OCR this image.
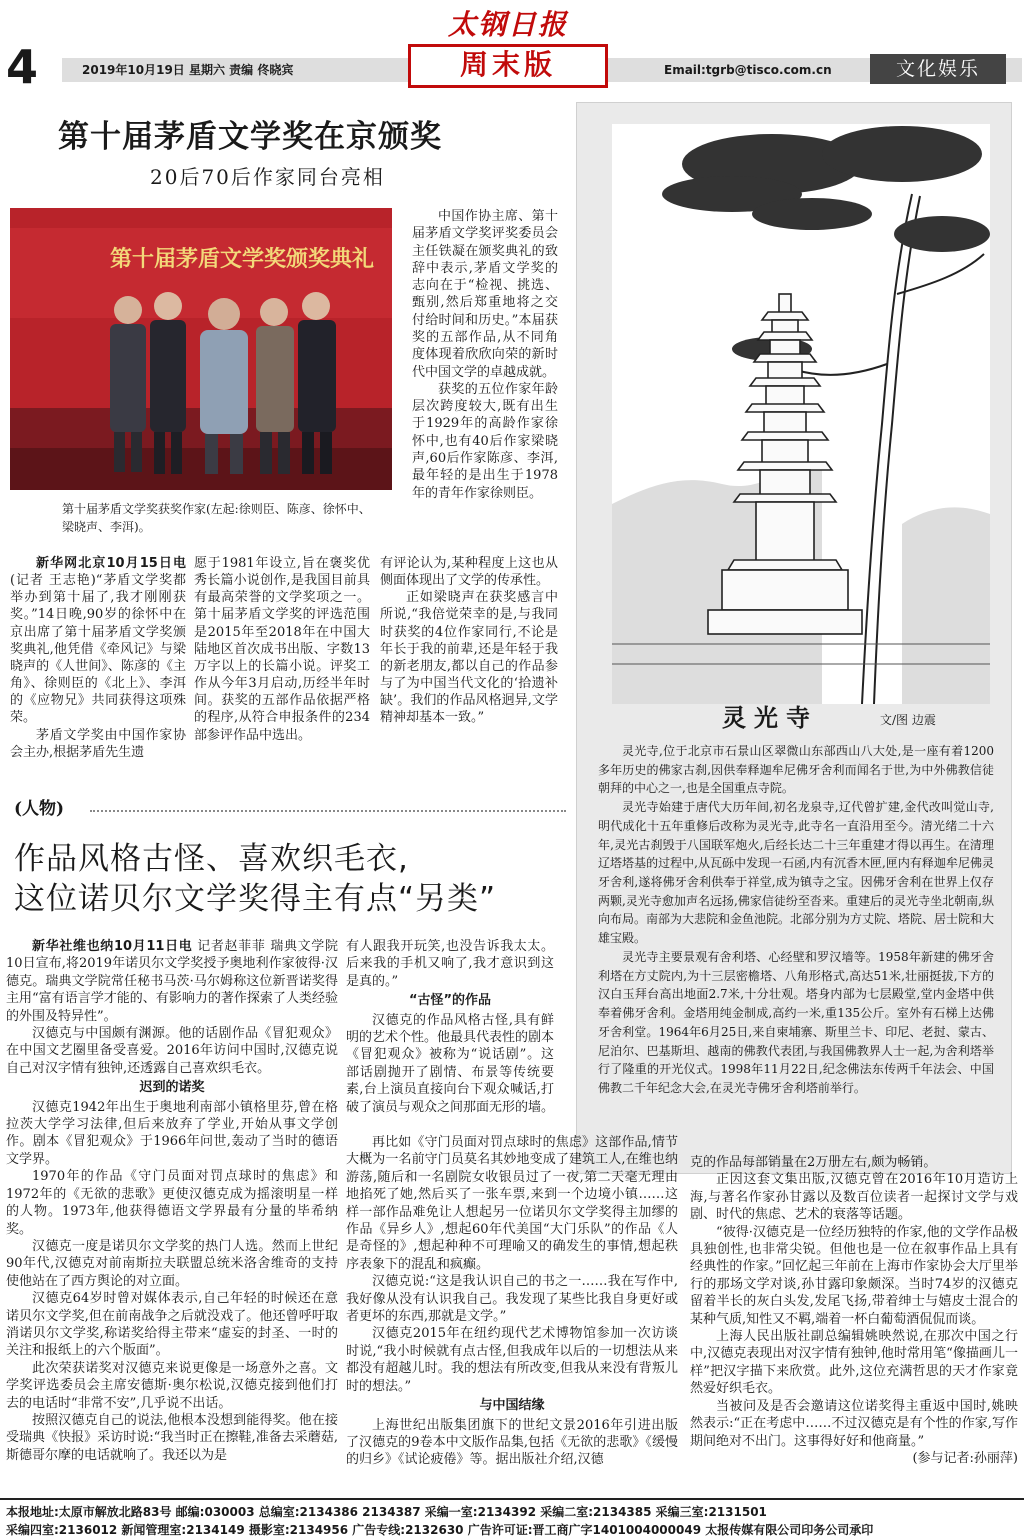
4	2019年10月19日 星期六 责编 佟晓宾
太钢日报
周末版	Email:tgrb@tisco.com.cn	文化娱乐
第十届茅盾文学奖在京颁奖
20后70后作家同台亮相
第十届茅盾文学奖颁奖典礼
第十届茅盾文学奖获奖作家(左起:徐则臣、陈彦、徐怀中、梁晓声、李洱)。

中国作协主席、第十届茅盾文学奖评奖委员会主任铁凝在颁奖典礼的致辞中表示,茅盾文学奖的志向在于“检视、挑选、甄别,然后郑重地将之交付给时间和历史。”本届获奖的五部作品,从不同角度体现着欣欣向荣的新时代中国文学的卓越成就。

获奖的五位作家年龄层次跨度较大,既有出生于1929年的高龄作家徐怀中,也有40后作家梁晓声,60后作家陈彦、李洱,最年轻的是出生于1978年的青年作家徐则臣。

新华网北京10月15日电(记者 王志艳)“茅盾文学奖都举办到第十届了,我才刚刚获奖。”14日晚,90岁的徐怀中在京出席了第十届茅盾文学奖颁奖典礼,他凭借《牵风记》与梁晓声的《人世间》、陈彦的《主角》、徐则臣的《北上》、李洱的《应物兄》共同获得这项殊荣。

茅盾文学奖由中国作家协会主办,根据茅盾先生遗

愿于1981年设立,旨在褒奖优秀长篇小说创作,是我国目前具有最高荣誉的文学奖项之一。第十届茅盾文学奖的评选范围是2015年至2018年在中国大陆地区首次成书出版、字数13万字以上的长篇小说。评奖工作从今年3月启动,历经半年时间。获奖的五部作品依据严格的程序,从符合申报条件的234部参评作品中选出。

有评论认为,某种程度上这也从侧面体现出了文学的传承性。

正如梁晓声在获奖感言中所说,“我倍觉荣幸的是,与我同时获奖的4位作家同行,不论是年长于我的前辈,还是年轻于我的新老朋友,都以自己的作品参与了为中国当代文化的‘拾遗补缺’。我们的作品风格迥异,文学精神却基本一致。”	灵光寺	文/图 边震

灵光寺,位于北京市石景山区翠微山东部西山八大处,是一座有着1200多年历史的佛家古刹,因供奉释迦牟尼佛牙舍利而闻名于世,为中外佛教信徒朝拜的中心之一,也是全国重点寺院。

灵光寺始建于唐代大历年间,初名龙泉寺,辽代曾扩建,金代改叫觉山寺,明代成化十五年重修后改称为灵光寺,此寺名一直沿用至今。清光绪二十六年,灵光古刹毁于八国联军炮火,后经长达二十三年重建才得以再生。在清理辽塔塔基的过程中,从瓦砾中发现一石函,内有沉香木匣,匣内有释迦牟尼佛灵牙舍利,遂将佛牙舍利供奉于祥堂,成为镇寺之宝。因佛牙舍利在世界上仅存两颗,灵光寺愈加声名远扬,佛家信徒纷至沓来。重建后的灵光寺坐北朝南,纵向布局。南部为大悲院和金鱼池院。北部分别为方丈院、塔院、居士院和大雄宝殿。

灵光寺主要景观有舍利塔、心经壁和罗汉墙等。1958年新建的佛牙舍利塔在方丈院内,为十三层密檐塔、八角形格式,高达51米,壮丽挺拔,下方的汉白玉拜台高出地面2.7米,十分壮观。塔身内部为七层殿堂,堂内金塔中供奉着佛牙舍利。金塔用纯金制成,高约一米,重135公斤。室外有石梯上达佛牙舍利堂。1964年6月25日,来自柬埔寨、斯里兰卡、印尼、老挝、蒙古、尼泊尔、巴基斯坦、越南的佛教代表团,与我国佛教界人士一起,为舍利塔举行了隆重的开光仪式。1998年11月22日,纪念佛法东传两千年法会、中国佛教二千年纪念大会,在灵光寺佛牙舍利塔前举行。

(人物)
作品风格古怪、喜欢织毛衣,
这位诺贝尔文学奖得主有点“另类”

新华社维也纳10月11日电 记者赵菲菲 瑞典文学院10日宣布,将2019年诺贝尔文学奖授予奥地利作家彼得·汉德克。瑞典文学院常任秘书马茨·马尔姆称这位新晋诺奖得主用“富有语言学才能的、有影响力的著作探索了人类经验的外围及特异性”。

汉德克与中国颇有渊源。他的话剧作品《冒犯观众》在中国文艺圈里备受喜爱。2016年访问中国时,汉德克说自己对汉字情有独钟,还透露自己喜欢织毛衣。

迟到的诺奖

汉德克1942年出生于奥地利南部小镇格里芬,曾在格拉茨大学学习法律,但后来放弃了学业,开始从事文学创作。剧本《冒犯观众》于1966年问世,轰动了当时的德语文学界。

1970年的作品《守门员面对罚点球时的焦虑》和1972年的《无欲的悲歌》更使汉德克成为摇滚明星一样的人物。1973年,他获得德语文学界最有分量的毕希纳奖。

汉德克一度是诺贝尔文学奖的热门人选。然而上世纪90年代,汉德克对前南斯拉夫联盟总统米洛舍维奇的支持使他站在了西方舆论的对立面。

汉德克64岁时曾对媒体表示,自己年轻的时候还在意诺贝尔文学奖,但在前南战争之后就没戏了。他还曾呼吁取消诺贝尔文学奖,称诺奖给得主带来“虚妄的封圣、一时的关注和报纸上的六个版面”。

此次荣获诺奖对汉德克来说更像是一场意外之喜。文学奖评选委员会主席安德斯·奥尔松说,汉德克接到他们打去的电话时“非常不安”,几乎说不出话。

按照汉德克自己的说法,他根本没想到能得奖。他在接受瑞典《快报》采访时说:“我当时正在擦鞋,准备去采蘑菇,斯德哥尔摩的电话就响了。我还以为是

有人跟我开玩笑,也没告诉我太太。后来我的手机又响了,我才意识到这是真的。”

“古怪”的作品

汉德克的作品风格古怪,具有鲜明的艺术个性。他最具代表性的剧本《冒犯观众》被称为“说话剧”。这部话剧抛开了剧情、布景等传统要素,台上演员直接向台下观众喊话,打破了演员与观众之间那面无形的墙。

再比如《守门员面对罚点球时的焦虑》这部作品,情节大概为一名前守门员莫名其妙地变成了建筑工人,在维也纳游荡,随后和一名剧院女收银员过了一夜,第二天毫无理由地掐死了她,然后买了一张车票,来到一个边境小镇……这样一部作品难免让人想起另一位诺贝尔文学奖得主加缪的作品《异乡人》,想起60年代美国“大门乐队”的作品《人是奇怪的》,想起种种不可理喻又的确发生的事情,想起秩序表象下的混乱和疯癫。

汉德克说:“这是我认识自己的书之一……我在写作中,我好像从没有认识我自己。我发现了某些比我自身更好或者更坏的东西,那就是文学。”

汉德克2015年在纽约现代艺术博物馆参加一次访谈时说,“我小时候就有点古怪,但我成年以后的一切想法从来都没有超越儿时。我的想法有所改变,但我从来没有背叛儿时的想法。”

与中国结缘

上海世纪出版集团旗下的世纪文景2016年引进出版了汉德克的9卷本中文版作品集,包括《无欲的悲歌》《缓慢的归乡》《试论疲倦》等。据出版社介绍,汉德

克的作品每部销量在2万册左右,颇为畅销。

正因这套文集出版,汉德克曾在2016年10月造访上海,与著名作家孙甘露以及数百位读者一起探讨文学与戏剧、时代的焦虑、艺术的衰落等话题。

“彼得·汉德克是一位经历独特的作家,他的文学作品极具独创性,也非常尖锐。但他也是一位在叙事作品上具有经典性的作家。”回忆起三年前在上海市作家协会大厅里举行的那场文学对谈,孙甘露印象颇深。当时74岁的汉德克留着半长的灰白头发,发尾飞扬,带着绅士与嬉皮士混合的某种气质,知性又不羁,端着一杯白葡萄酒侃侃而谈。

上海人民出版社副总编辑姚映然说,在那次中国之行中,汉德克表现出对汉字情有独钟,他时常用笔“像描画儿一样”把汉字描下来欣赏。此外,这位充满哲思的天才作家竟然爱好织毛衣。

当被问及是否会邀请这位诺奖得主重返中国时,姚映然表示:“正在考虑中……不过汉德克是有个性的作家,写作期间绝对不出门。这事得好好和他商量。”

(参与记者:孙丽萍)

本报地址:太原市解放北路83号 邮编:030003 总编室:2134386 2134387 采编一室:2134392 采编二室:2134385 采编三室:2131501
采编四室:2136012 新闻管理室:2134149 摄影室:2134956 广告专线:2132630 广告许可证:晋工商广字1401004000049 太报传媒有限公司印务公司承印
